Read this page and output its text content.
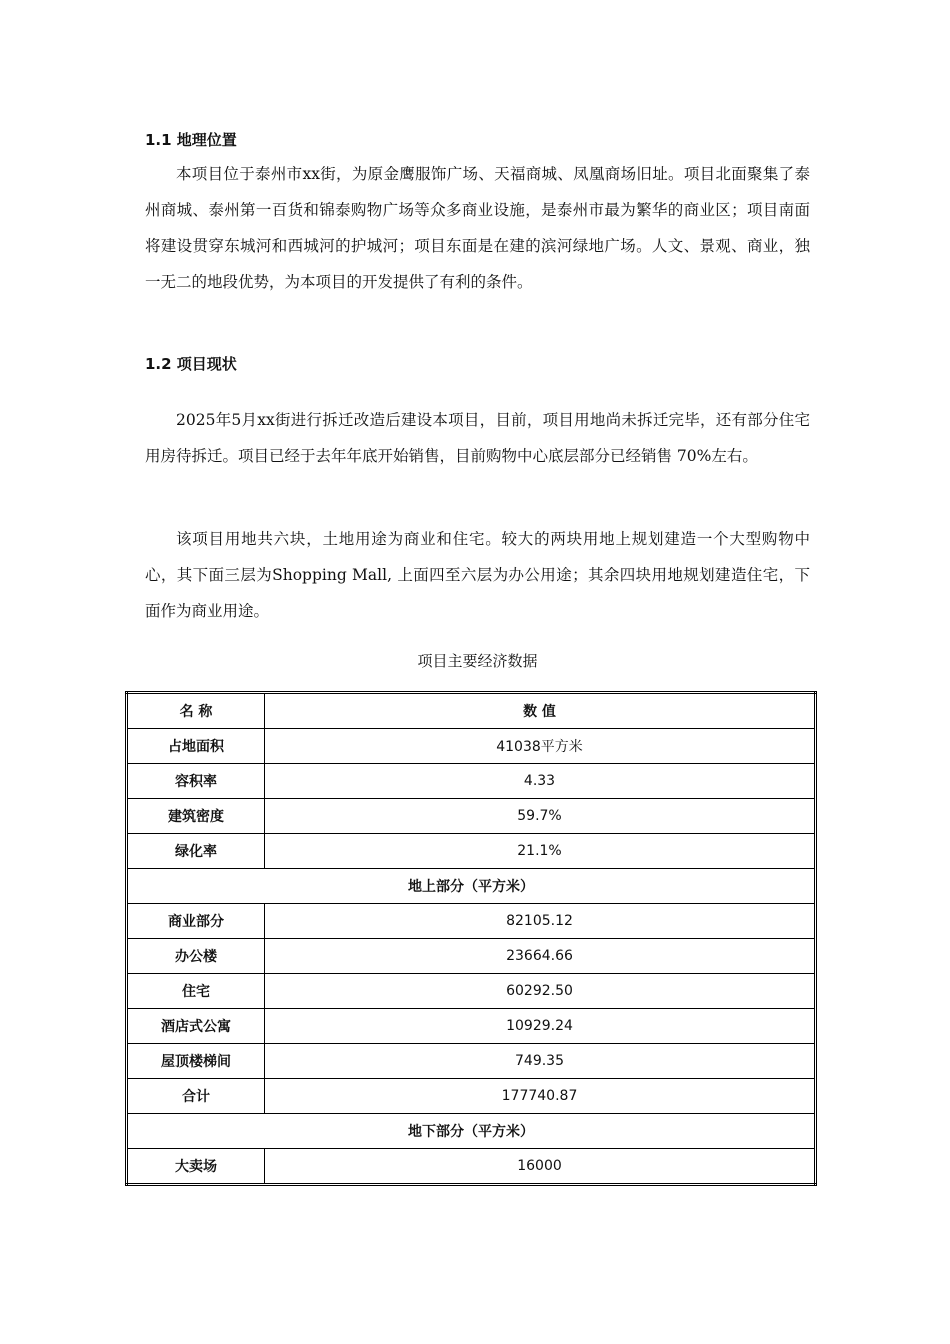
1.1 地理位置

本项目位于泰州市xx街，为原金鹰服饰广场、天福商城、凤凰商场旧址。项目北面聚集了泰州商城、泰州第一百货和锦泰购物广场等众多商业设施，是泰州市最为繁华的商业区；项目南面将建设贯穿东城河和西城河的护城河；项目东面是在建的滨河绿地广场。人文、景观、商业，独一无二的地段优势，为本项目的开发提供了有利的条件。

1.2 项目现状

2025年5月xx街进行拆迁改造后建设本项目，目前，项目用地尚未拆迁完毕，还有部分住宅用房待拆迁。项目已经于去年年底开始销售，目前购物中心底层部分已经销售 70%左右。

该项目用地共六块，土地用途为商业和住宅。较大的两块用地上规划建造一个大型购物中心，其下面三层为Shopping Mall, 上面四至六层为办公用途；其余四块用地规划建造住宅，下面作为商业用途。

项目主要经济数据
名 称	数 值
占地面积	41038平方米
容积率	4.33
建筑密度	59.7%
绿化率	21.1%
地上部分（平方米）	
商业部分	82105.12
办公楼	23664.66
住宅	60292.50
酒店式公寓	10929.24
屋顶楼梯间	749.35
合计	177740.87
地下部分（平方米）	
大卖场	16000
